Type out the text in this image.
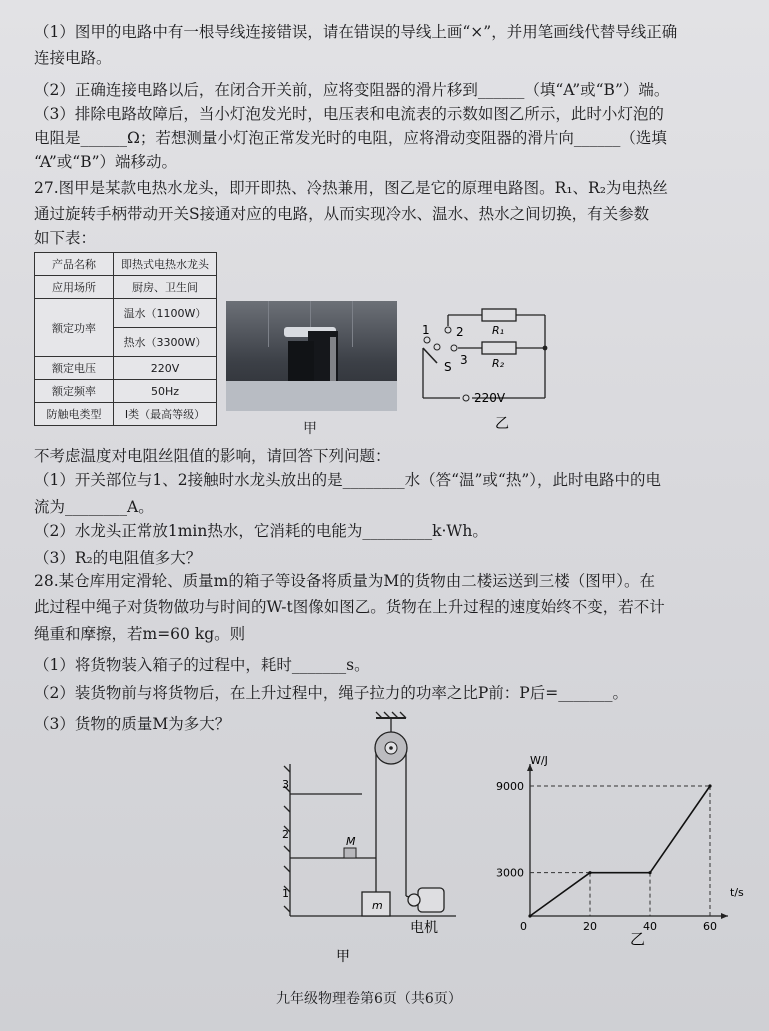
（1）图甲的电路中有一根导线连接错误，请在错误的导线上画“×”，并用笔画线代替导线正确
连接电路。
（2）正确连接电路以后，在闭合开关前，应将变阻器的滑片移到______（填“A”或“B”）端。
（3）排除电路故障后，当小灯泡发光时，电压表和电流表的示数如图乙所示，此时小灯泡的
电阻是______Ω；若想测量小灯泡正常发光时的电阻，应将滑动变阻器的滑片向______（选填
“A”或“B”）端移动。
27.图甲是某款电热水龙头，即开即热、冷热兼用，图乙是它的原理电路图。R₁、R₂为电热丝
通过旋转手柄带动开关S接通对应的电路，从而实现冷水、温水、热水之间切换，有关参数
如下表：
产品名称	即热式电热水龙头
应用场所	厨房、卫生间
额定功率	温水（1100W）
	热水（3300W）
额定电压	220V
额定频率	50Hz
防触电类型	I类（最高等级）
甲
1 2
3
S
R₁
R₂
220V
乙
不考虑温度对电阻丝阻值的影响，请回答下列问题：
（1）开关部位与1、2接触时水龙头放出的是________水（答“温”或“热”），此时电路中的电
流为________A。
（2）水龙头正常放1min热水，它消耗的电能为_________k·Wh。
（3）R₂的电阻值多大？
28.某仓库用定滑轮、质量m的箱子等设备将质量为M的货物由二楼运送到三楼（图甲）。在
此过程中绳子对货物做功与时间的W-t图像如图乙。货物在上升过程的速度始终不变，若不计
绳重和摩擦，若m=60 kg。则
（1）将货物装入箱子的过程中，耗时_______s。
（2）装货物前与将货物后，在上升过程中，绳子拉力的功率之比P前：P后=_______。
（3）货物的质量M为多大？
3
2
1
M
m
电机
甲
0	20	40	60
3000
9000
W/J
t/s
乙
九年级物理卷第6页（共6页）
